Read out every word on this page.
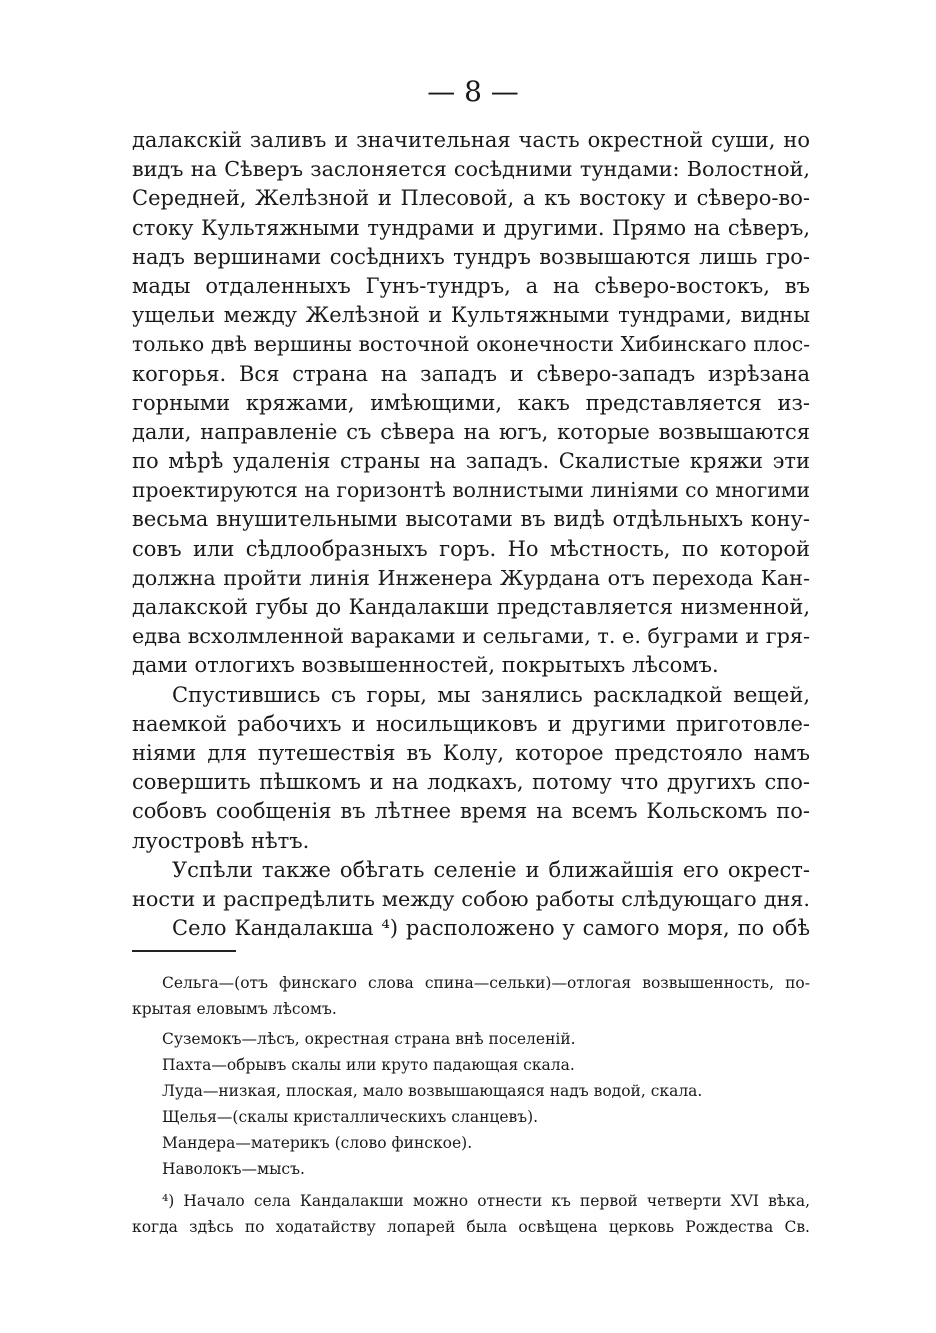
— 8 —
далакскій заливъ и значительная часть окрестной суши, но
видъ на Сѣверъ заслоняется сосѣдними тундами: Волостной,
Середней, Желѣзной и Плесовой, а къ востоку и сѣверо-во-
стоку Культяжными тундрами и другими. Прямо на сѣверъ,
надъ вершинами сосѣднихъ тундръ возвышаются лишь гро-
мады отдаленныхъ Гунъ-тундръ, а на сѣверо-востокъ, въ
ущельи между Желѣзной и Культяжными тундрами, видны
только двѣ вершины восточной оконечности Хибинскаго плос-
когорья. Вся страна на западъ и сѣверо-западъ изрѣзана
горными кряжами, имѣющими, какъ представляется из-
дали, направленіе съ сѣвера на югъ, которые возвышаются
по мѣрѣ удаленія страны на западъ. Скалистые кряжи эти
проектируются на горизонтѣ волнистыми линіями со многими
весьма внушительными высотами въ видѣ отдѣльныхъ кону-
совъ или сѣдлообразныхъ горъ. Но мѣстность, по которой
должна пройти линія Инженера Журдана отъ перехода Кан-
далакской губы до Кандалакши представляется низменной,
едва всхолмленной вараками и сельгами, т. е. буграми и гря-
дами отлогихъ возвышенностей, покрытыхъ лѣсомъ.
Спустившись съ горы, мы занялись раскладкой вещей,
наемкой рабочихъ и носильщиковъ и другими приготовле-
ніями для путешествія въ Колу, которое предстояло намъ
совершить пѣшкомъ и на лодкахъ, потому что другихъ спо-
собовъ сообщенія въ лѣтнее время на всемъ Кольскомъ по-
луостровѣ нѣтъ.
Успѣли также обѣгать селеніе и ближайшія его окрест-
ности и распредѣлить между собою работы слѣдующаго дня.
Село Кандалакша ⁴) расположено у самого моря, по обѣ
Сельга—(отъ финскаго слова спина—сельки)—отлогая возвышенность, по-
крытая еловымъ лѣсомъ.
Суземокъ—лѣсъ, окрестная страна внѣ поселеній.
Пахта—обрывъ скалы или круто падающая скала.
Луда—низкая, плоская, мало возвышающаяся надъ водой, скала.
Щелья—(скалы кристаллическихъ сланцевъ).
Мандера—материкъ (слово финское).
Наволокъ—мысъ.
⁴) Начало села Кандалакши можно отнести къ первой четверти XVI вѣка,
когда здѣсь по ходатайству лопарей была освѣщена церковь Рождества Св.
